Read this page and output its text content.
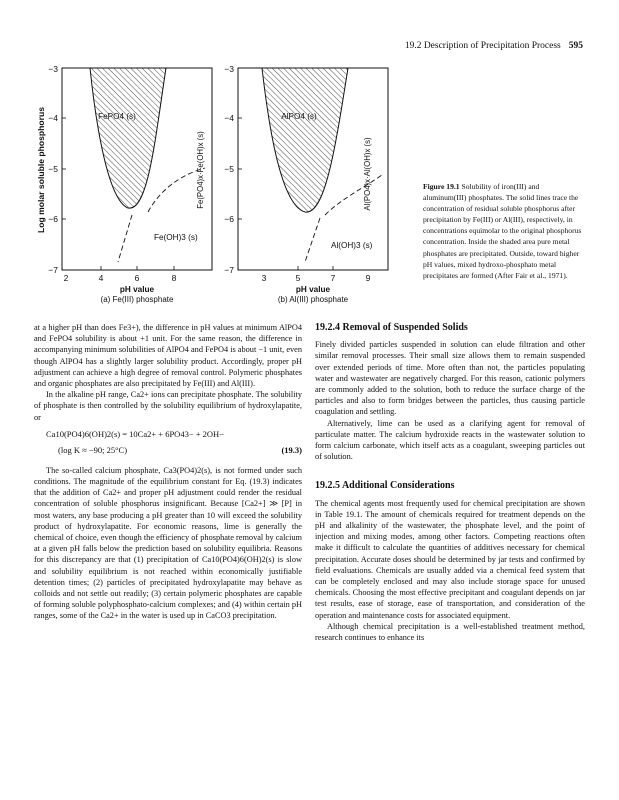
19.2 Description of Precipitation Process 595
Log molar soluble phosphorus
−3
−4
−5
−6
−7
2	4	6	8
pH value
(a) Fe(III) phosphate
FePO4 (s)
Fe(PO4)x·Fe(OH)x (s)
Fe(OH)3 (s)
−3
−4
−5
−6
−7
3	5	7	9
pH value
(b) Al(III) phosphate
AlPO4 (s)
Al(PO4)x·Al(OH)x (s)
Al(OH)3 (s)
Figure 19.1 Solubility of iron(III) and aluminum(III) phosphates. The solid lines trace the concentration of residual soluble phosphorus after precipitation by Fe(III) or Al(III), respectively, in concentrations equimolar to the original phosphorus concentration. Inside the shaded area pure metal phosphates are precipitated. Outside, toward higher pH values, mixed hydroxo-phosphato metal precipitates are formed (After Fair et al., 1971).

at a higher pH than does Fe3+), the difference in pH values at minimum AlPO4 and FePO4 solubility is about +1 unit. For the same reason, the difference in accompanying minimum solubilities of AlPO4 and FePO4 is about −1 unit, even though AlPO4 has a slightly larger solubility product. Accordingly, proper pH adjustment can achieve a high degree of removal control. Polymeric phosphates and organic phosphates are also precipitated by Fe(III) and Al(III).

In the alkaline pH range, Ca2+ ions can precipitate phosphate. The solubility of phosphate is then controlled by the solubility equilibrium of hydroxylapatite, or

Ca10(PO4)6(OH)2(s) = 10Ca2+ + 6PO43− + 2OH−
(log K ≈ −90; 25°C)	(19.3)

The so-called calcium phosphate, Ca3(PO4)2(s), is not formed under such conditions. The magnitude of the equilibrium constant for Eq. (19.3) indicates that the addition of Ca2+ and proper pH adjustment could render the residual concentration of soluble phosphorus insignificant. Because [Ca2+] ≫ [P] in most waters, any base producing a pH greater than 10 will exceed the solubility product of hydroxylapatite. For economic reasons, lime is generally the chemical of choice, even though the efficiency of phosphate removal by calcium at a given pH falls below the prediction based on solubility equilibria. Reasons for this discrepancy are that (1) precipitation of Ca10(PO4)6(OH)2(s) is slow and solubility equilibrium is not reached within economically justifiable detention times; (2) particles of precipitated hydroxylapatite may behave as colloids and not settle out readily; (3) certain polymeric phosphates are capable of forming soluble polyphosphato-calcium complexes; and (4) within certain pH ranges, some of the Ca2+ in the water is used up in CaCO3 precipitation.

19.2.4 Removal of Suspended Solids

Finely divided particles suspended in solution can elude filtration and other similar removal processes. Their small size allows them to remain suspended over extended periods of time. More often than not, the particles populating water and wastewater are negatively charged. For this reason, cationic polymers are commonly added to the solution, both to reduce the surface charge of the particles and also to form bridges between the particles, thus causing particle coagulation and settling.

Alternatively, lime can be used as a clarifying agent for removal of particulate matter. The calcium hydroxide reacts in the wastewater solution to form calcium carbonate, which itself acts as a coagulant, sweeping particles out of solution.

19.2.5 Additional Considerations

The chemical agents most frequently used for chemical precipitation are shown in Table 19.1. The amount of chemicals required for treatment depends on the pH and alkalinity of the wastewater, the phosphate level, and the point of injection and mixing modes, among other factors. Competing reactions often make it difficult to calculate the quantities of additives necessary for chemical precipitation. Accurate doses should be determined by jar tests and confirmed by field evaluations. Chemicals are usually added via a chemical feed system that can be completely enclosed and may also include storage space for unused chemicals. Choosing the most effective precipitant and coagulant depends on jar test results, ease of storage, ease of transportation, and consideration of the operation and maintenance costs for associated equipment.

Although chemical precipitation is a well-established treatment method, research continues to enhance its
